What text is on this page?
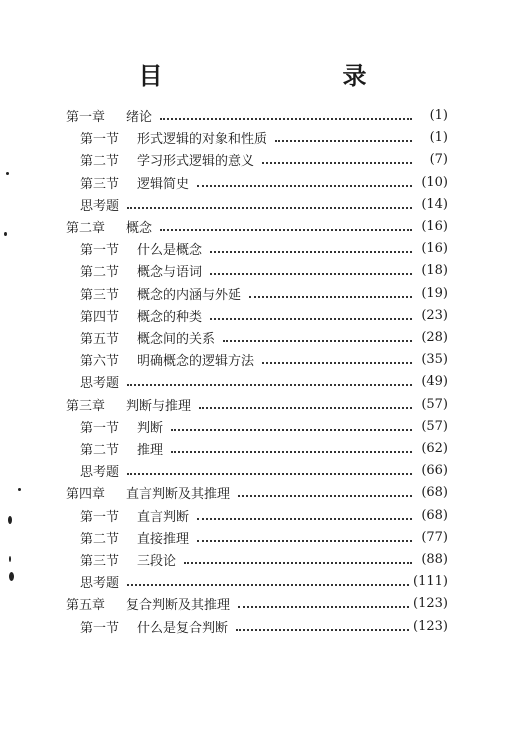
目　　录
第一章	绪论	(1)
第一节	形式逻辑的对象和性质	(1)
第二节	学习形式逻辑的意义	(7)
第三节	逻辑简史	(10)
思考题	(14)
第二章	概念	(16)
第一节	什么是概念	(16)
第二节	概念与语词	(18)
第三节	概念的内涵与外延	(19)
第四节	概念的种类	(23)
第五节	概念间的关系	(28)
第六节	明确概念的逻辑方法	(35)
思考题	(49)
第三章	判断与推理	(57)
第一节	判断	(57)
第二节	推理	(62)
思考题	(66)
第四章	直言判断及其推理	(68)
第一节	直言判断	(68)
第二节	直接推理	(77)
第三节	三段论	(88)
思考题	(111)
第五章	复合判断及其推理	(123)
第一节	什么是复合判断	(123)
